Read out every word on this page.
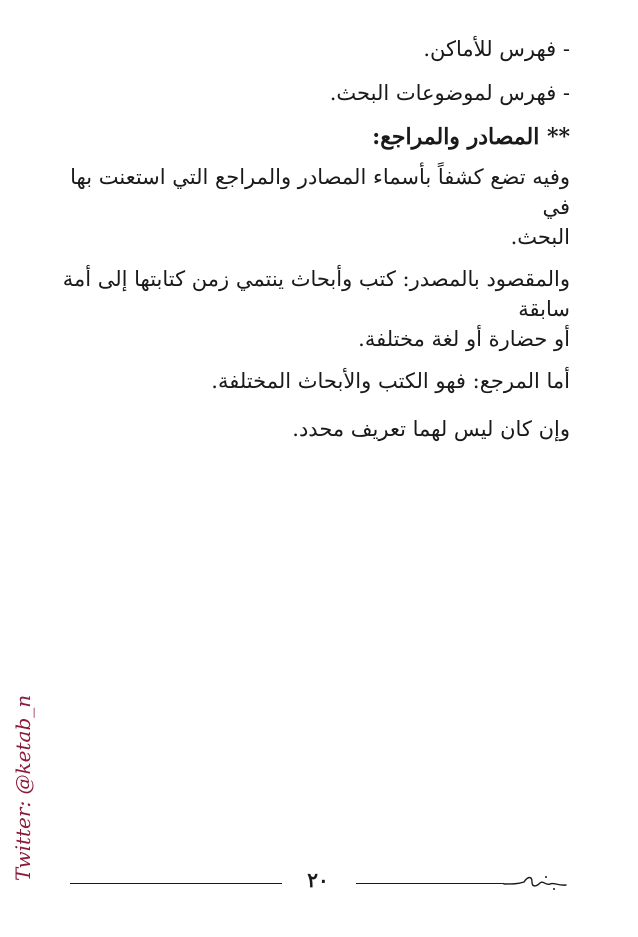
- فهرس للأماكن.

- فهرس لموضوعات البحث.

** المصادر والمراجع:

وفيه تضع كشفاً بأسماء المصادر والمراجع التي استعنت بها في

البحث.

والمقصود بالمصدر: كتب وأبحاث ينتمي زمن كتابتها إلى أمة سابقة

أو حضارة أو لغة مختلفة.

أما المرجع: فهو الكتب والأبحاث المختلفة.

وإن كان ليس لهما تعريف محدد.

Twitter: @ketab_n	٢٠
